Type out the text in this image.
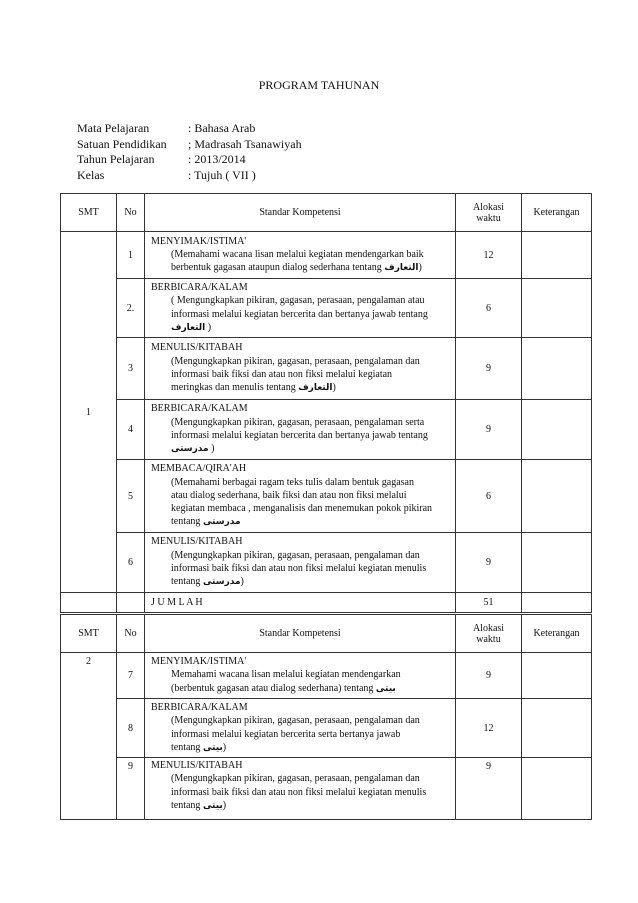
PROGRAM TAHUNAN
Mata Pelajaran	: Bahasa Arab
Satuan Pendidikan	; Madrasah Tsanawiyah
Tahun Pelajaran	: 2013/2014
Kelas	: Tujuh ( VII )
SMT	No	Standar Kompetensi	Alokasi
waktu	Keterangan
1	1	MENYIMAK/ISTIMA'
(Memahami wacana lisan melalui kegiatan mendengarkan baik
berbentuk gagasan ataupun dialog sederhana tentang التعارف)	12	
	2.	BERBICARA/KALAM
( Mengungkapkan pikiran, gagasan, perasaan, pengalaman atau
informasi melalui kegiatan bercerita dan bertanya jawab tentang
التعارف )	6	
	3	MENULIS/KITABAH
(Mengungkapkan pikiran, gagasan, perasaan, pengalaman dan
informasi baik fiksi dan atau non fiksi melalui kegiatan
meringkas dan menulis tentang التعارف)	9	
	4	BERBICARA/KALAM
(Mengungkapkan pikiran, gagasan, perasaan, pengalaman serta
informasi melalui kegiatan bercerita dan bertanya jawab tentang
مدرستى )	9	
	5	MEMBACA/QIRA'AH
(Memahami berbagai ragam teks tulis dalam bentuk gagasan
atau dialog sederhana, baik fiksi dan atau non fiksi melalui
kegiatan membaca , menganalisis dan menemukan pokok pikiran
tentang مدرستى	6	
	6	MENULIS/KITABAH
(Mengungkapkan pikiran, gagasan, perasaan, pengalaman dan
informasi baik fiksi dan atau non fiksi melalui kegiatan menulis
tentang مدرستى)	9	

		J U M L A H	51	
SMT	No	Standar Kompetensi	Alokasi
waktu	Keterangan
2	7	MENYIMAK/ISTIMA'
Memahami wacana lisan melalui kegiatan mendengarkan
(berbentuk gagasan atau dialog sederhana) tentang بيتى	9	
	8	BERBICARA/KALAM
(Mengungkapkan pikiran, gagasan, perasaan, pengalaman dan
informasi melalui kegiatan bercerita serta bertanya jawab
tentang بيتى)	12	
	9	MENULIS/KITABAH
(Mengungkapkan pikiran, gagasan, perasaan, pengalaman dan
informasi baik fiksi dan atau non fiksi melalui kegiatan menulis
tentang بيتى)	9	
